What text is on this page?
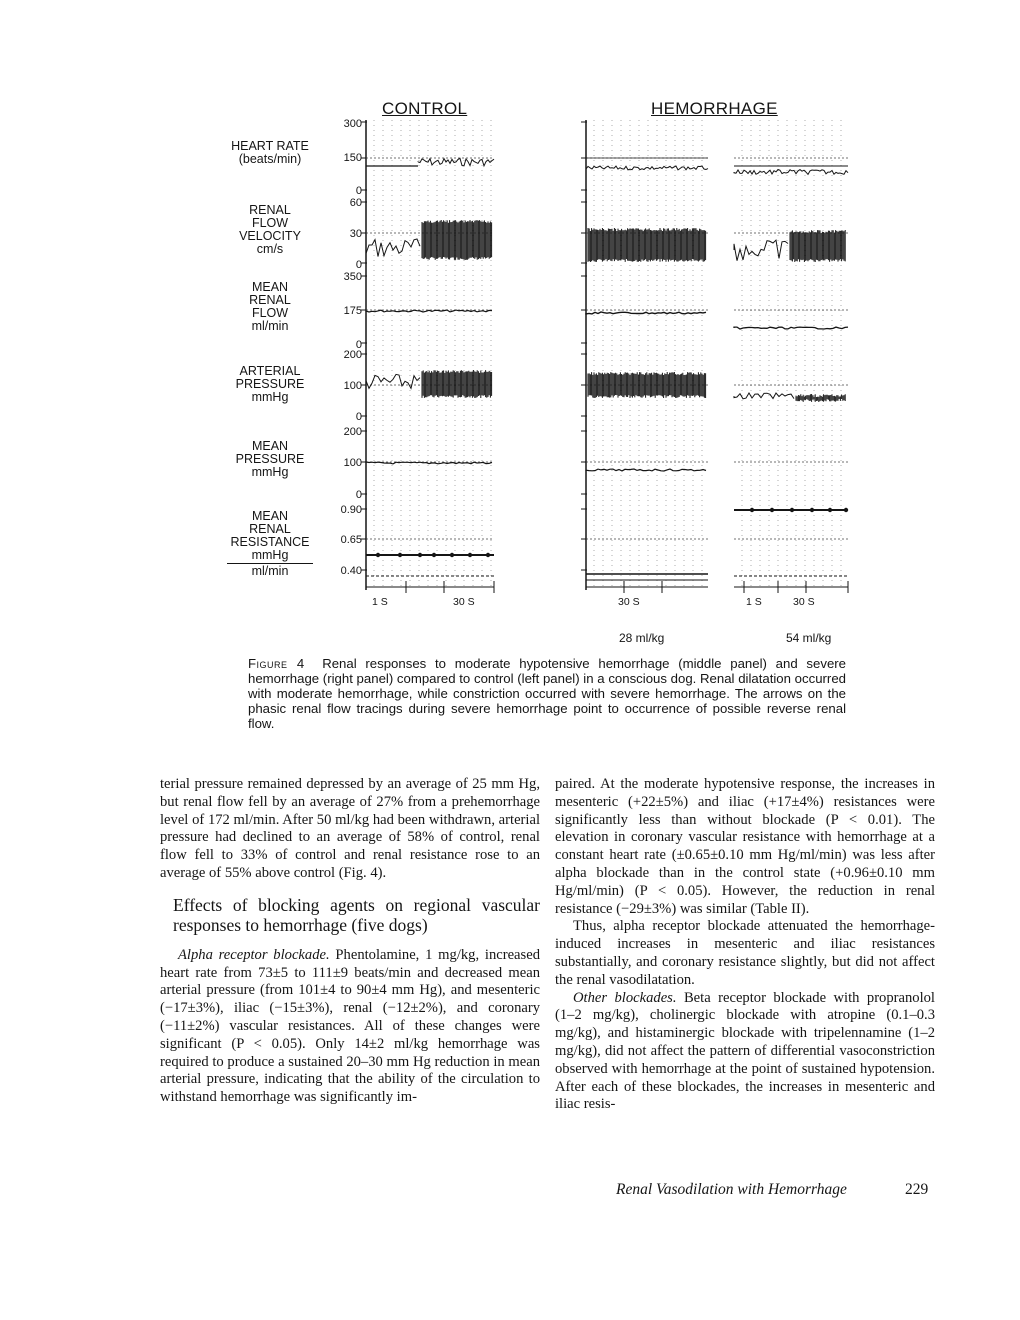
CONTROL	HEMORRHAGE
HEART RATE
(beats/min)
RENAL
FLOW
VELOCITY
cm/s
MEAN
RENAL
FLOW
ml/min
ARTERIAL
PRESSURE
mmHg
MEAN
PRESSURE
mmHg
MEAN
RENAL
RESISTANCE
mmHg
ml/min
300
150
0
60
30
0
350
175
0
200
100
0
200
100
0
0.90
0.65
0.40
1 S	30 S	30 S	1 S	30 S
28 ml/kg	54 ml/kg
Figure 4 Renal responses to moderate hypotensive hemorrhage (middle panel) and severe hemorrhage (right panel) compared to control (left panel) in a conscious dog. Renal dilatation occurred with moderate hemorrhage, while constriction occurred with severe hemorrhage. The arrows on the phasic renal flow tracings during severe hemorrhage point to occurrence of possible reverse renal flow.

terial pressure remained depressed by an average of 25 mm Hg, but renal flow fell by an average of 27% from a prehemorrhage level of 172 ml/min. After 50 ml/kg had been withdrawn, arterial pressure had declined to an average of 58% of control, renal flow fell to 33% of control and renal resistance rose to an average of 55% above control (Fig. 4).

Effects of blocking agents on regional vascular responses to hemorrhage (five dogs)

Alpha receptor blockade. Phentolamine, 1 mg/kg, increased heart rate from 73±5 to 111±9 beats/min and decreased mean arterial pressure (from 101±4 to 90±4 mm Hg), and mesenteric (−17±3%), iliac (−15±3%), renal (−12±2%), and coronary (−11±2%) vascular resistances. All of these changes were significant (P < 0.05). Only 14±2 ml/kg hemorrhage was required to produce a sustained 20–30 mm Hg reduction in mean arterial pressure, indicating that the ability of the circulation to withstand hemorrhage was significantly im-

paired. At the moderate hypotensive response, the increases in mesenteric (+22±5%) and iliac (+17±4%) resistances were significantly less than without blockade (P < 0.01). The elevation in coronary vascular resistance with hemorrhage at a constant heart rate (±0.65±0.10 mm Hg/ml/min) was less after alpha blockade than in the control state (+0.96±0.10 mm Hg/ml/min) (P < 0.05). However, the reduction in renal resistance (−29±3%) was similar (Table II).

Thus, alpha receptor blockade attenuated the hemorrhage-induced increases in mesenteric and iliac resistances substantially, and coronary resistance slightly, but did not affect the renal vasodilatation.

Other blockades. Beta receptor blockade with propranolol (1–2 mg/kg), cholinergic blockade with atropine (0.1–0.3 mg/kg), and histaminergic blockade with tripelennamine (1–2 mg/kg), did not affect the pattern of differential vasoconstriction observed with hemorrhage at the point of sustained hypotension. After each of these blockades, the increases in mesenteric and iliac resis-

Renal Vasodilation with Hemorrhage	229
